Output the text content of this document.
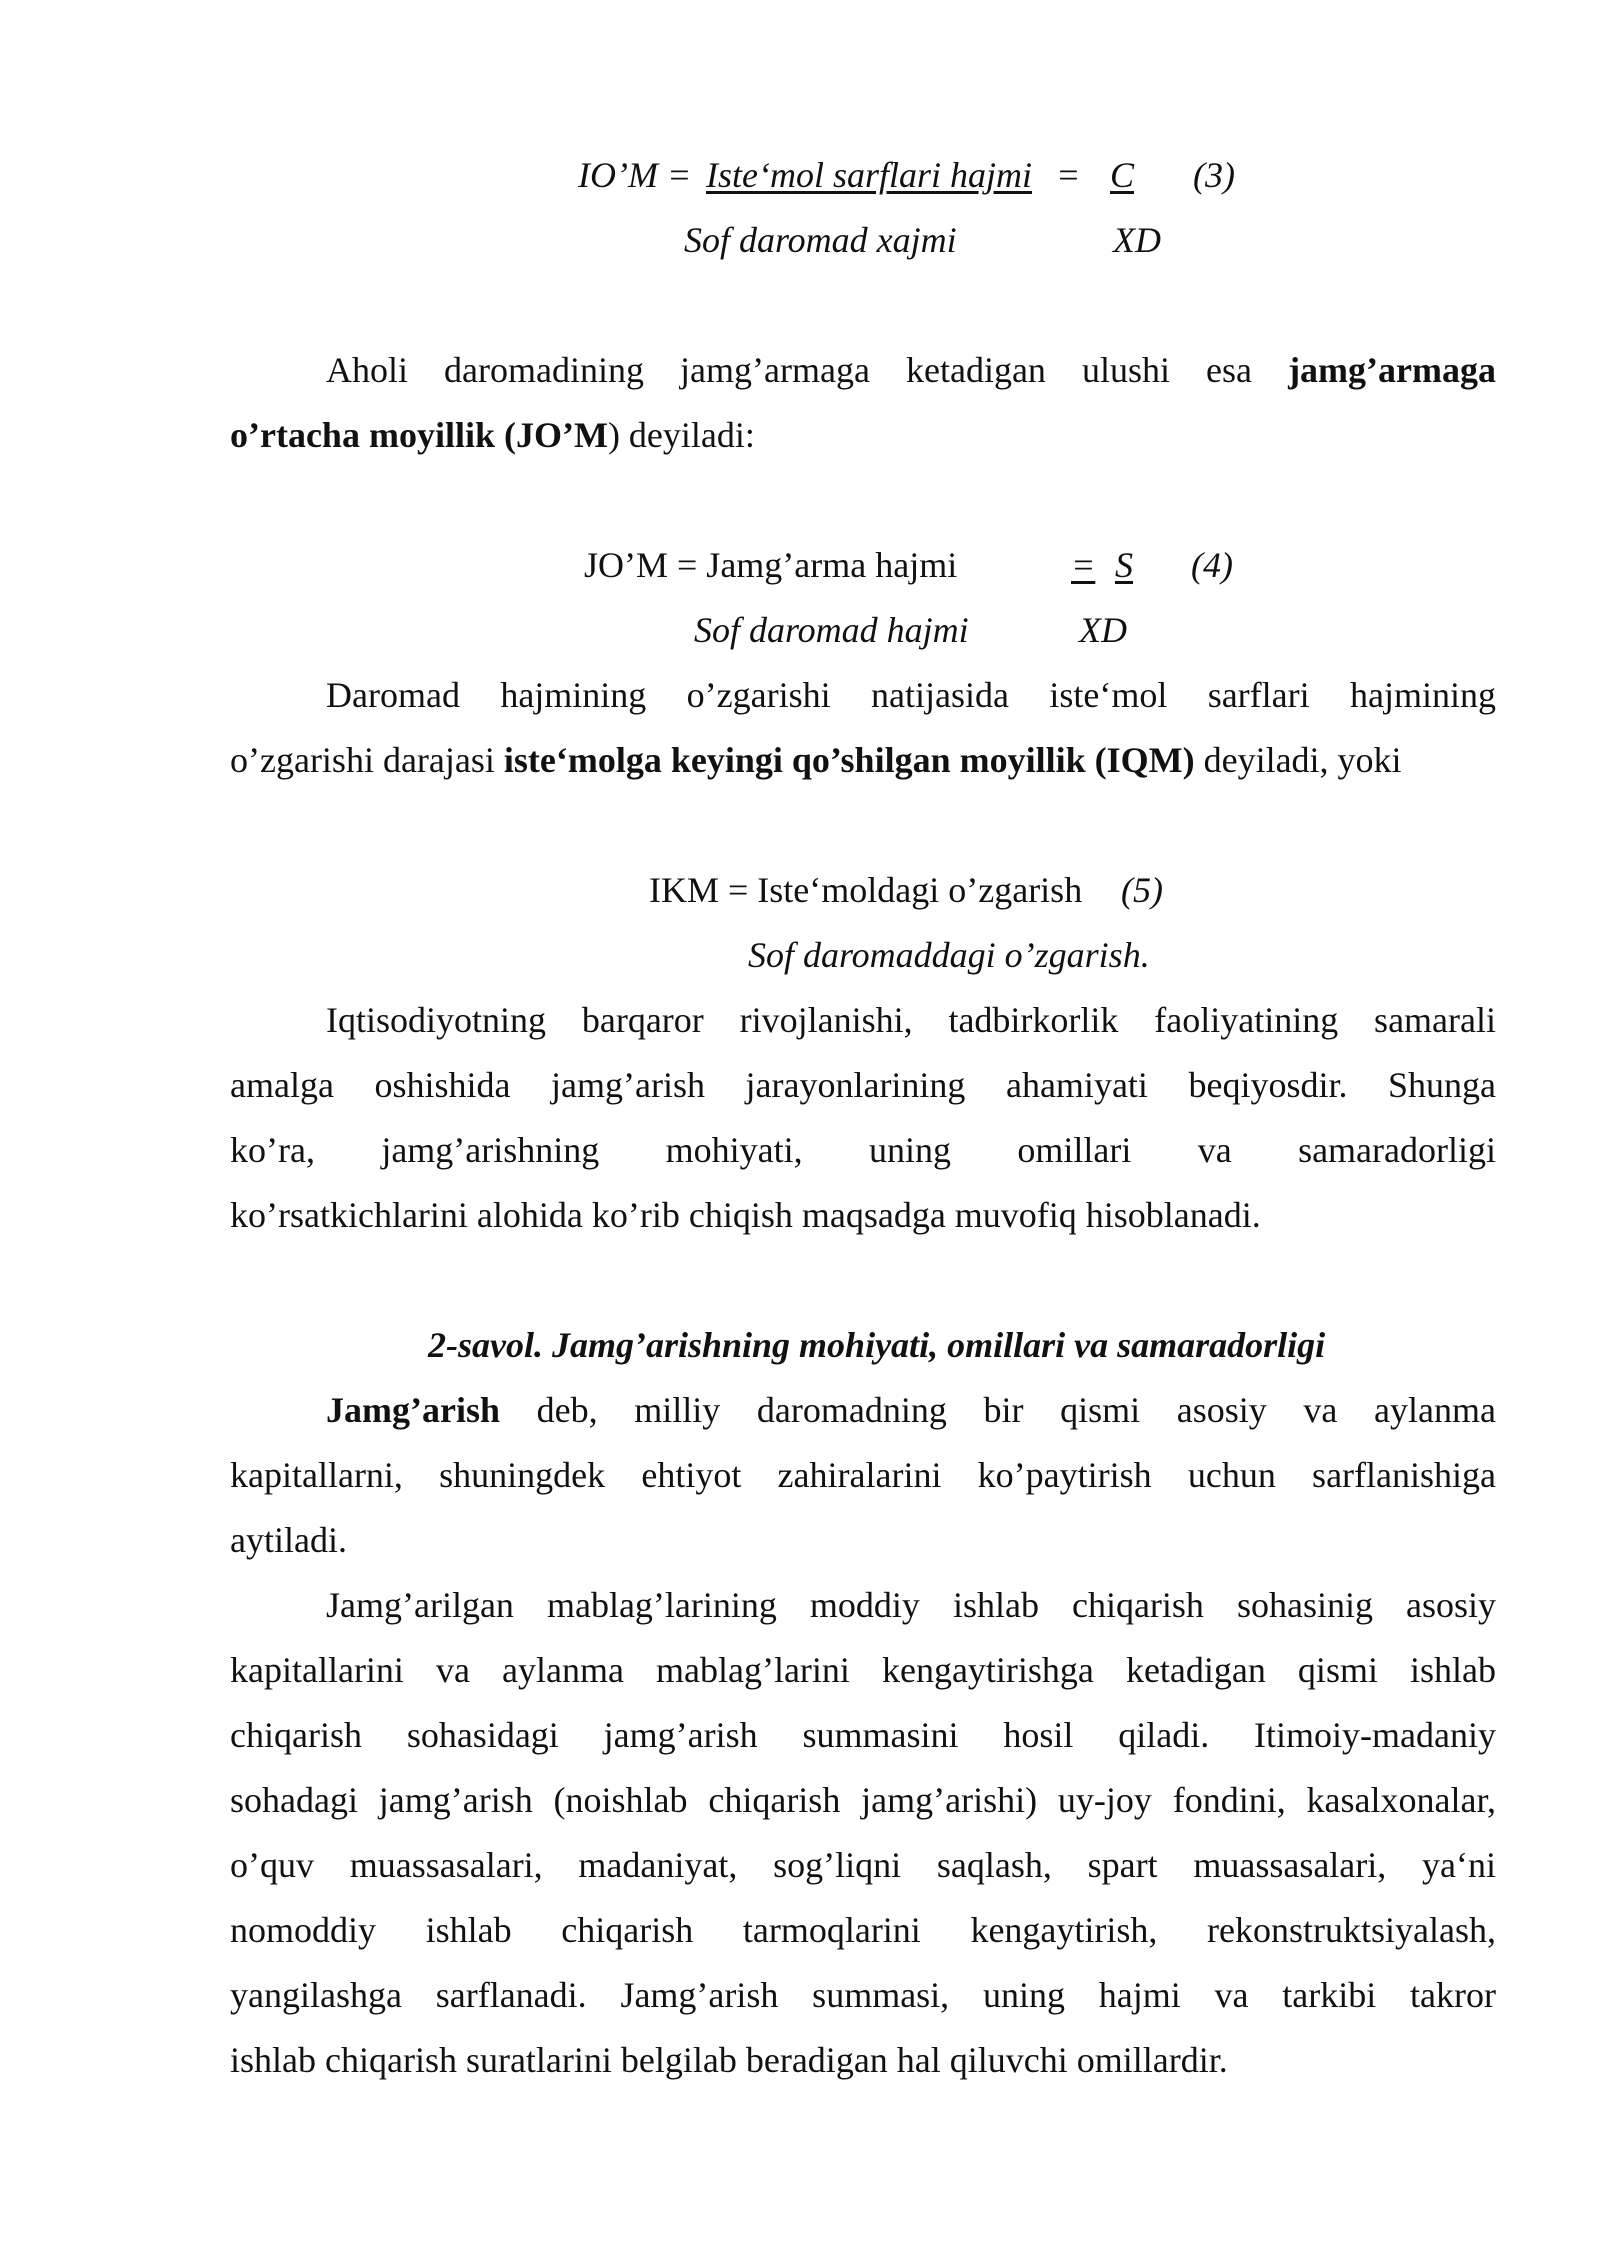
IO’M = Iste‘mol sarflari hajmi = C	(3)
Sof daromad xajmi	XD
Aholi daromadining jamg’armaga ketadigan ulushi esa jamg’armaga
o’rtacha moyillik (JO’M) deyiladi:
JO’M = Jamg’arma hajmi	= S	(4)
Sof daromad hajmi	XD
Daromad hajmining o’zgarishi natijasida iste‘mol sarflari hajmining
o’zgarishi darajasi iste‘molga keyingi qo’shilgan moyillik (IQM) deyiladi, yoki
IKM = Iste‘moldagi o’zgarish (5)
Sof daromaddagi o’zgarish.
Iqtisodiyotning barqaror rivojlanishi, tadbirkorlik faoliyatining samarali
amalga oshishida jamg’arish jarayonlarining ahamiyati beqiyosdir. Shunga
ko’ra, jamg’arishning mohiyati, uning omillari va samaradorligi
ko’rsatkichlarini alohida ko’rib chiqish maqsadga muvofiq hisoblanadi.
2-savol. Jamg’arishning mohiyati, omillari va samaradorligi
Jamg’arish deb, milliy daromadning bir qismi asosiy va aylanma
kapitallarni, shuningdek ehtiyot zahiralarini ko’paytirish uchun sarflanishiga
aytiladi.
Jamg’arilgan mablag’larining moddiy ishlab chiqarish sohasinig asosiy
kapitallarini va aylanma mablag’larini kengaytirishga ketadigan qismi ishlab
chiqarish sohasidagi jamg’arish summasini hosil qiladi. Itimoiy-madaniy
sohadagi jamg’arish (noishlab chiqarish jamg’arishi) uy-joy fondini, kasalxonalar,
o’quv muassasalari, madaniyat, sog’liqni saqlash, spart muassasalari, ya‘ni
nomoddiy ishlab chiqarish tarmoqlarini kengaytirish, rekonstruktsiyalash,
yangilashga sarflanadi. Jamg’arish summasi, uning hajmi va tarkibi takror
ishlab chiqarish suratlarini belgilab beradigan hal qiluvchi omillardir.
